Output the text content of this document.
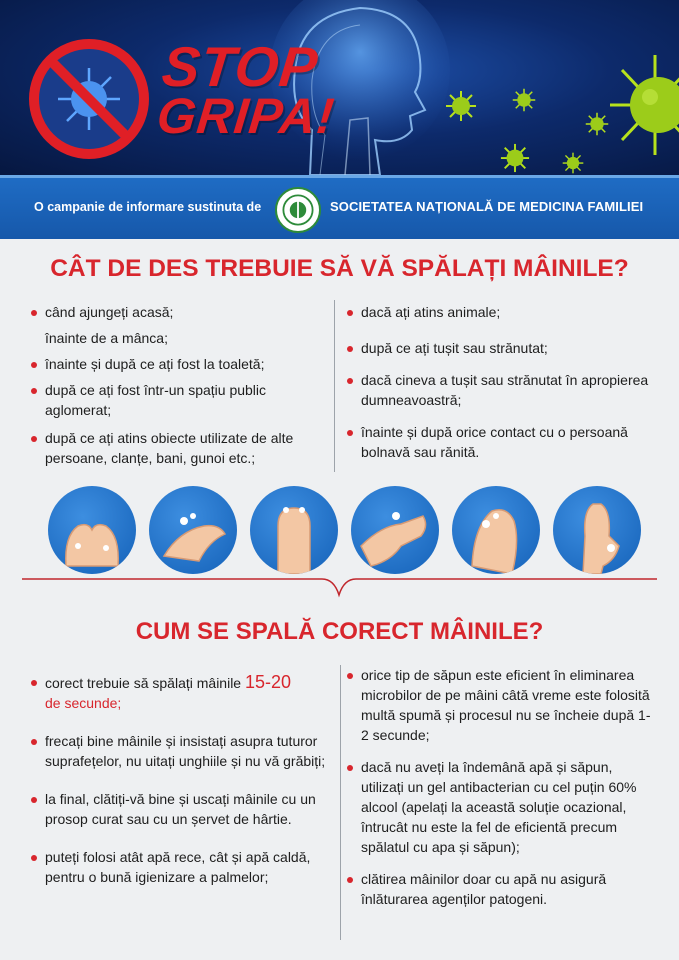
STOP
GRIPA!
O campanie de informare sustinuta de	SOCIETATEA NAȚIONALĂ DE MEDICINA FAMILIEI
CÂT DE DES TREBUIE SĂ VĂ SPĂLAȚI MÂINILE?
când ajungeți acasă;
înainte de a mânca;
înainte și după ce ați fost la toaletă;
după ce ați fost într-un spațiu public aglomerat;
după ce ați atins obiecte utilizate de alte persoane, clanțe, bani, gunoi etc.;
dacă ați atins animale;
după ce ați tușit sau strănutat;
dacă cineva a tușit sau strănutat în apropierea dumneavoastră;
înainte și după orice contact cu o persoană bolnavă sau rănită.
CUM SE SPALĂ CORECT MÂINILE?
corect trebuie să spălați mâinile 15-20
de secunde;
frecați bine mâinile și insistați asupra tuturor suprafețelor, nu uitați unghiile și nu vă grăbiți;
la final, clătiți-vă bine și uscați mâinile cu un prosop curat sau cu un șervet de hârtie.
puteți folosi atât apă rece, cât și apă caldă, pentru o bună igienizare a palmelor;
orice tip de săpun este eficient în eliminarea microbilor de pe mâini câtă vreme este folosită multă spumă și procesul nu se încheie după 1-2 secunde;
dacă nu aveți la îndemână apă și săpun, utilizați un gel antibacterian cu cel puțin 60% alcool (apelați la această soluție ocazional, întrucât nu este la fel de eficientă precum spălatul cu apa și săpun);
clătirea mâinilor doar cu apă nu asigură înlăturarea agenților patogeni.
